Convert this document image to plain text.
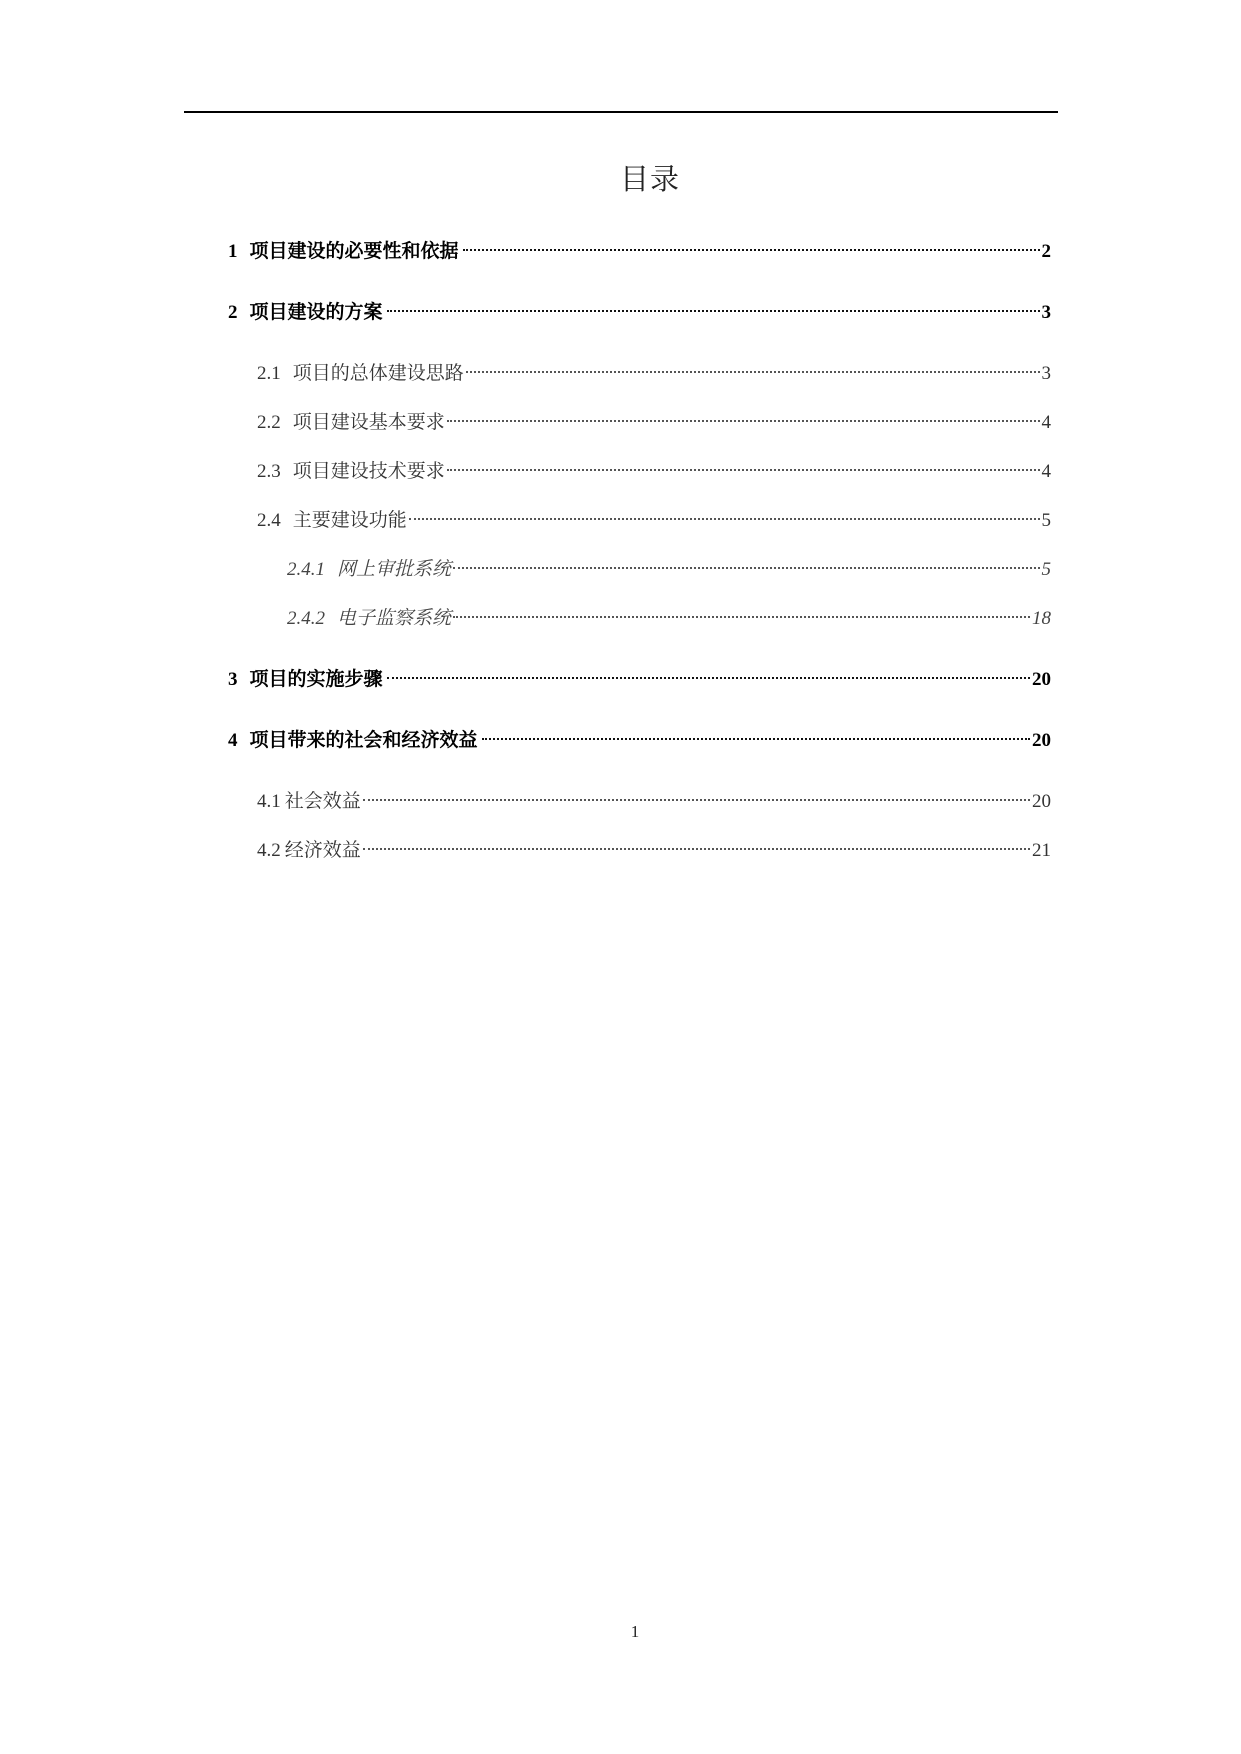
目录
1 项目建设的必要性和依据	2
2 项目建设的方案	3
2.1 项目的总体建设思路	3
2.2 项目建设基本要求	4
2.3 项目建设技术要求	4
2.4 主要建设功能	5
2.4.1 网上审批系统	5
2.4.2 电子监察系统	18
3 项目的实施步骤	20
4 项目带来的社会和经济效益	20
4.1 社会效益	20
4.2 经济效益	21
1
